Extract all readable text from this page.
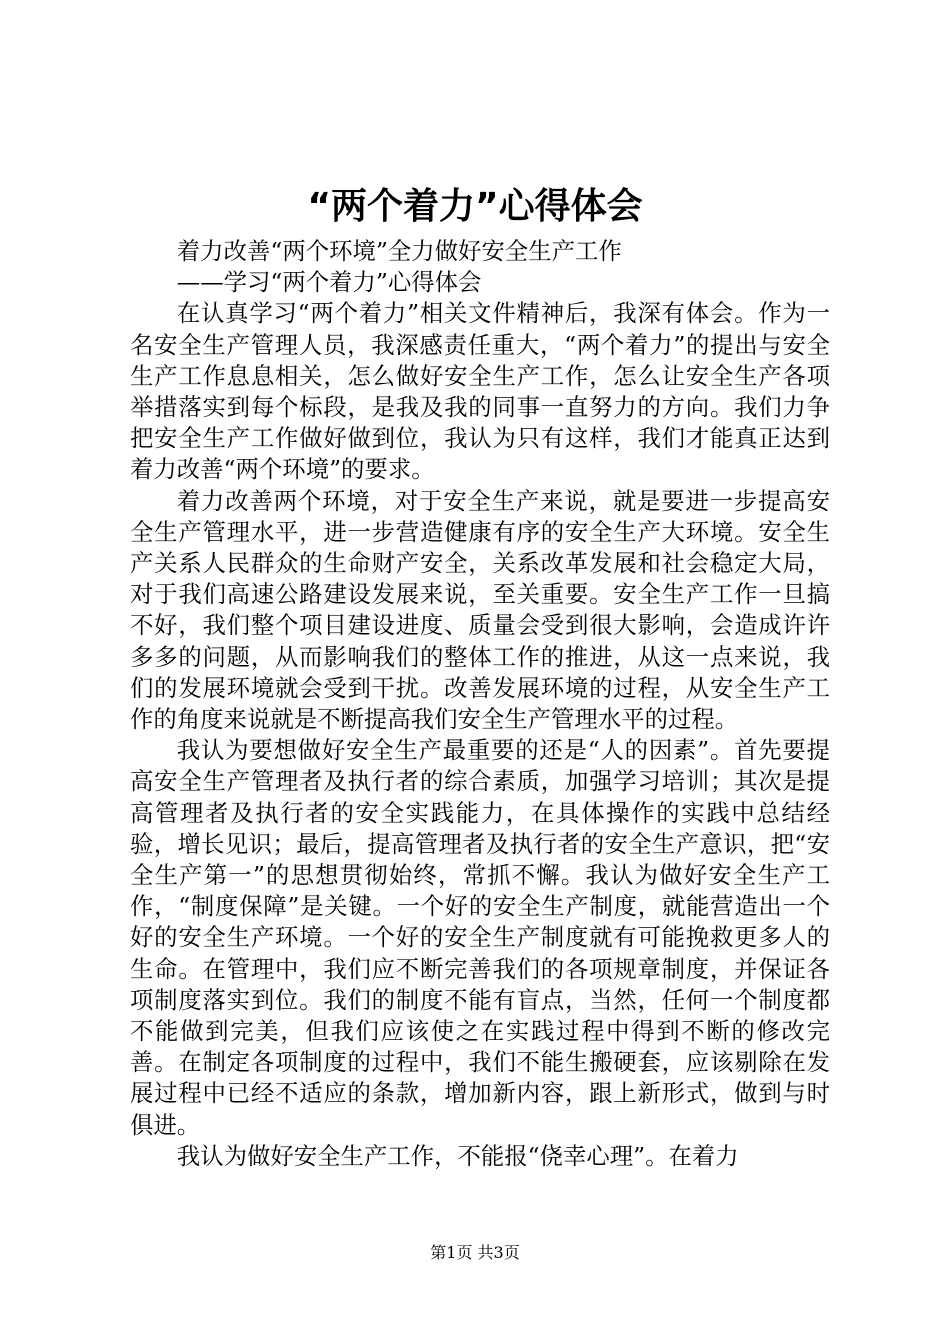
“两个着力”心得体会

着力改善“两个环境”全力做好安全生产工作

——学习“两个着力”心得体会

在认真学习“两个着力”相关文件精神后，我深有体会。作为一名安全生产管理人员，我深感责任重大，“两个着力”的提出与安全生产工作息息相关，怎么做好安全生产工作，怎么让安全生产各项举措落实到每个标段，是我及我的同事一直努力的方向。我们力争把安全生产工作做好做到位，我认为只有这样，我们才能真正达到着力改善“两个环境”的要求。

着力改善两个环境，对于安全生产来说，就是要进一步提高安全生产管理水平，进一步营造健康有序的安全生产大环境。安全生产关系人民群众的生命财产安全，关系改革发展和社会稳定大局，对于我们高速公路建设发展来说，至关重要。安全生产工作一旦搞不好，我们整个项目建设进度、质量会受到很大影响，会造成许许多多的问题，从而影响我们的整体工作的推进，从这一点来说，我们的发展环境就会受到干扰。改善发展环境的过程，从安全生产工作的角度来说就是不断提高我们安全生产管理水平的过程。

我认为要想做好安全生产最重要的还是“人的因素”。首先要提高安全生产管理者及执行者的综合素质，加强学习培训；其次是提高管理者及执行者的安全实践能力，在具体操作的实践中总结经验，增长见识；最后，提高管理者及执行者的安全生产意识，把“安全生产第一”的思想贯彻始终，常抓不懈。我认为做好安全生产工作，“制度保障”是关键。一个好的安全生产制度，就能营造出一个好的安全生产环境。一个好的安全生产制度就有可能挽救更多人的生命。在管理中，我们应不断完善我们的各项规章制度，并保证各项制度落实到位。我们的制度不能有盲点，当然，任何一个制度都不能做到完美，但我们应该使之在实践过程中得到不断的修改完善。在制定各项制度的过程中，我们不能生搬硬套，应该剔除在发展过程中已经不适应的条款，增加新内容，跟上新形式，做到与时俱进。

我认为做好安全生产工作，不能报“侥幸心理”。在着力

第1页 共3页
